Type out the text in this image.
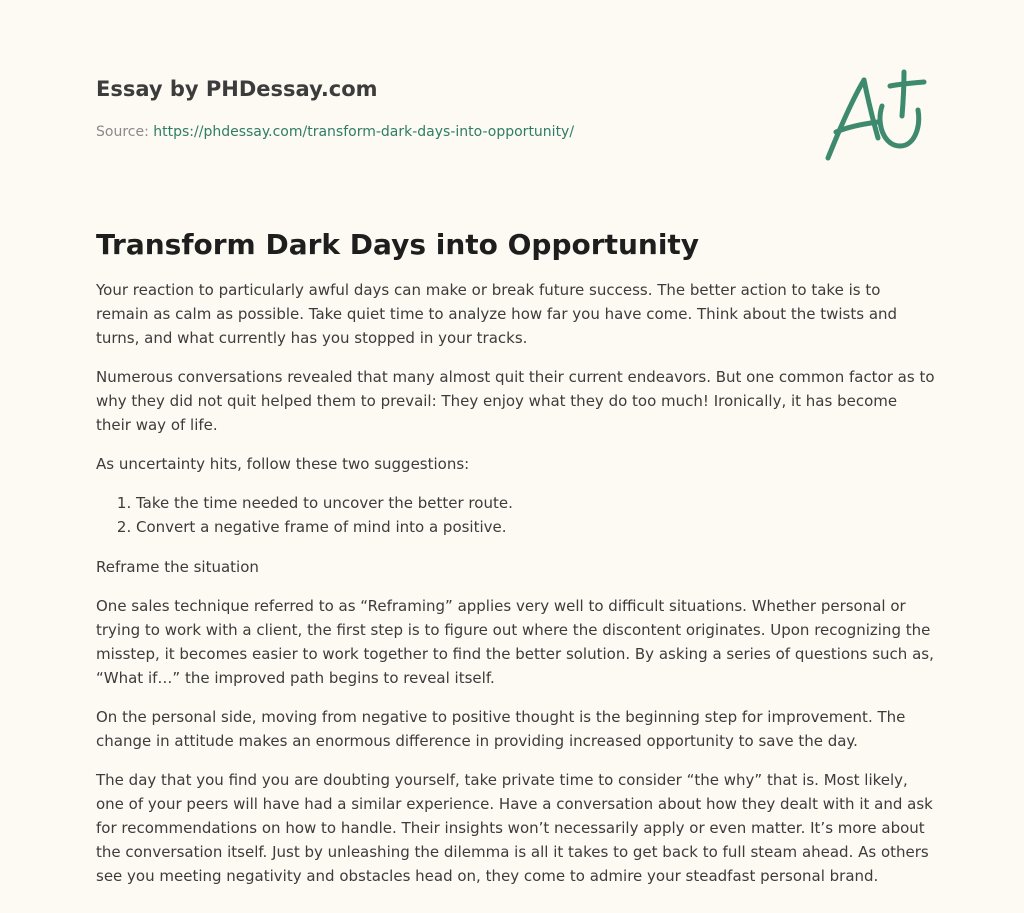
Essay by PHDessay.com
Source: https://phdessay.com/transform-dark-days-into-opportunity/
Transform Dark Days into Opportunity

Your reaction to particularly awful days can make or break future success. The better action to take is to remain as calm as possible. Take quiet time to analyze how far you have come. Think about the twists and turns, and what currently has you stopped in your tracks.

Numerous conversations revealed that many almost quit their current endeavors. But one common factor as to why they did not quit helped them to prevail: They enjoy what they do too much! Ironically, it has become their way of life.

As uncertainty hits, follow these two suggestions:

1. Take the time needed to uncover the better route.
2. Convert a negative frame of mind into a positive.

Reframe the situation

One sales technique referred to as “Reframing” applies very well to difficult situations. Whether personal or trying to work with a client, the first step is to figure out where the discontent originates. Upon recognizing the misstep, it becomes easier to work together to find the better solution. By asking a series of questions such as, “What if…” the improved path begins to reveal itself.

On the personal side, moving from negative to positive thought is the beginning step for improvement. The change in attitude makes an enormous difference in providing increased opportunity to save the day.

The day that you find you are doubting yourself, take private time to consider “the why” that is. Most likely, one of your peers will have had a similar experience. Have a conversation about how they dealt with it and ask for recommendations on how to handle. Their insights won’t necessarily apply or even matter. It’s more about the conversation itself. Just by unleashing the dilemma is all it takes to get back to full steam ahead. As others see you meeting negativity and obstacles head on, they come to admire your steadfast personal brand.
